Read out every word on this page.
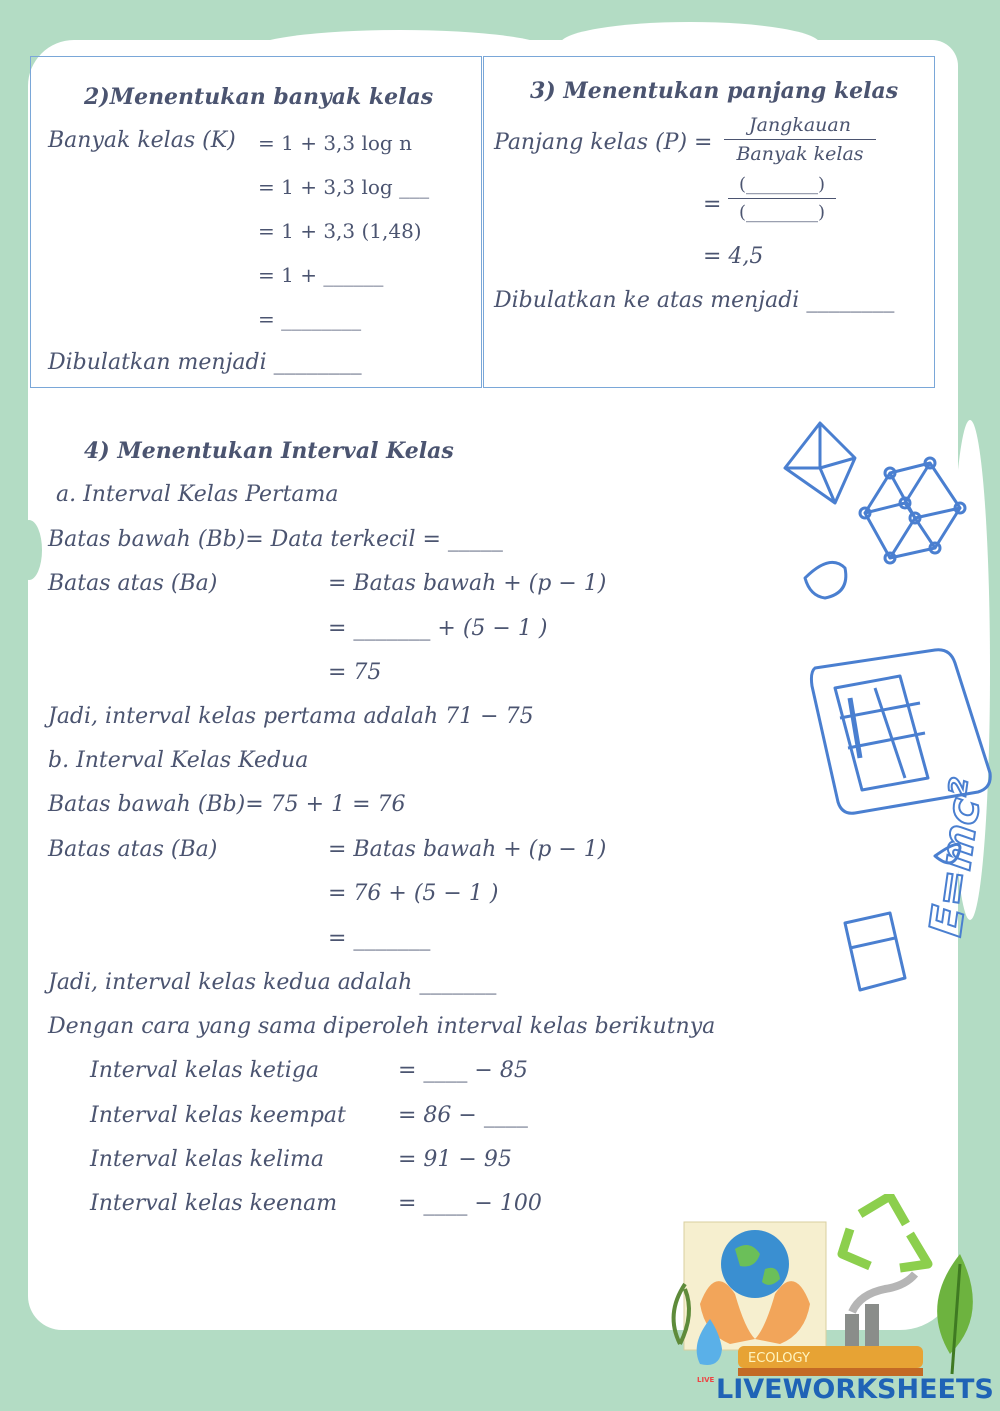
2)Menentukan banyak kelas
Banyak kelas (K) = 1 + 3,3 log n
= 1 + 3,3 log ___
= 1 + 3,3 (1,48)
= 1 + ______
= ________
Dibulatkan menjadi ________
3) Menentukan panjang kelas
Panjang kelas (P) =
Jangkauan
Banyak kelas
=
(________)
(________)
= 4,5
Dibulatkan ke atas menjadi ________
4) Menentukan Interval Kelas
a. Interval Kelas Pertama
Batas bawah (Bb)= Data terkecil = _____
Batas atas (Ba)	= Batas bawah + (p − 1)
= _______ + (5 − 1 )
= 75
Jadi, interval kelas pertama adalah 71 − 75
b. Interval Kelas Kedua
Batas bawah (Bb)= 75 + 1 = 76
Batas atas (Ba)	= Batas bawah + (p − 1)
= 76 + (5 − 1 )
= _______
Jadi, interval kelas kedua adalah _______
Dengan cara yang sama diperoleh interval kelas berikutnya
Interval kelas ketiga	= ____ − 85
Interval kelas keempat = 86 − ____
Interval kelas kelima	= 91 − 95
Interval kelas keenam	= ____ − 100
E=mc²
ECOLOGY
LIVE LIVEWORKSHEETS
